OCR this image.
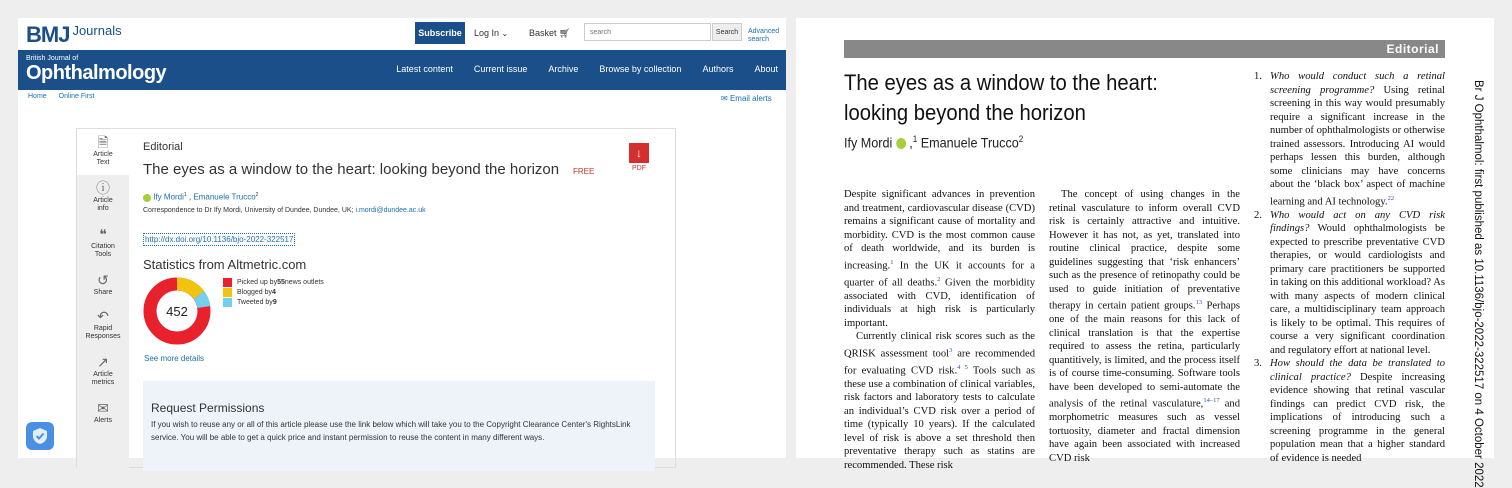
BMJ Journals	Subscribe	Log In ⌄ Basket 🛒︎
search	Search	Advanced
search
British Journal of
Ophthalmology	Latest content Current issue Archive Browse by collection Authors About
Home Online First	✉ Email alerts
🗎︎
Article
Text
ⓘ
Article
info
❝
Citation
Tools
↺
Share
↶
Rapid
Responses
↗
Article
metrics
✉
Alerts
Editorial
The eyes as a window to the heart: looking beyond the horizon FREE
↓
PDF
Ify Mordi$^1$ , Emanuele Trucco$^2$
Correspondence to Dr Ify Mordi, University of Dundee, Dundee, UK; i.mordi@dundee.ac.uk
http://dx.doi.org/10.1136/bjo-2022-322517
Statistics from Altmetric.com
452
Picked up by 55 news outlets
Blogged by 4
Tweeted by 9
See more details
Request Permissions
If you wish to reuse any or all of this article please use the link below which will take you to the Copyright Clearance Center's RightsLink service. You will be able to get a quick price and instant permission to reuse the content in many different ways.
Editorial
The eyes as a window to the heart: looking beyond the horizon
Ify Mordi  ,$^1$ Emanuele Trucco$^2$

Despite significant advances in prevention and treatment, cardiovascular disease (CVD) remains a significant cause of mortality and morbidity. CVD is the most common cause of death worldwide, and its burden is increasing.$^1$ In the UK it accounts for a quarter of all deaths.$^2$ Given the morbidity associated with CVD, identification of individuals at high risk is particularly important.

Currently clinical risk scores such as the QRISK assessment tool$^3$ are recommended for evaluating CVD risk.$^{4 5}$ Tools such as these use a combination of clinical variables, risk factors and laboratory tests to calculate an individual’s CVD risk over a period of time (typically 10 years). If the calculated level of risk is above a set threshold then preventative therapy such as statins are recommended. These risk

The concept of using changes in the retinal vasculature to inform overall CVD risk is certainly attractive and intuitive. However it has not, as yet, translated into routine clinical practice, despite some guidelines suggesting that ‘risk enhancers’ such as the presence of retinopathy could be used to guide initiation of preventative therapy in certain patient groups.$^{13}$ Perhaps one of the main reasons for this lack of clinical translation is that the expertise required to assess the retina, particularly quantitively, is limited, and the process itself is of course time-consuming. Software tools have been developed to semi-automate the analysis of the retinal vasculature,$^{14-17}$ and morphometric measures such as vessel tortuosity, diameter and fractal dimension have again been associated with increased CVD risk

1. Who would conduct such a retinal screening programme? Using retinal screening in this way would presumably require a significant increase in the number of ophthalmologists or otherwise trained assessors. Introducing AI would perhaps lessen this burden, although some clinicians may have concerns about the ‘black box’ aspect of machine learning and AI technology.$^{22}$
2. Who would act on any CVD risk findings? Would ophthalmologists be expected to prescribe preventative CVD therapies, or would cardiologists and primary care practitioners be supported in taking on this additional workload? As with many aspects of modern clinical care, a multidisciplinary team approach is likely to be optimal. This requires of course a very significant coordination and regulatory effort at national level.
3. How should the data be translated to clinical practice? Despite increasing evidence showing that retinal vascular findings can predict CVD risk, the implications of introducing such a screening programme in the general population mean that a higher standard of evidence is needed	Br J Ophthalmol: first published as 10.1136/bjo-2022-322517 on 4 October 2022
